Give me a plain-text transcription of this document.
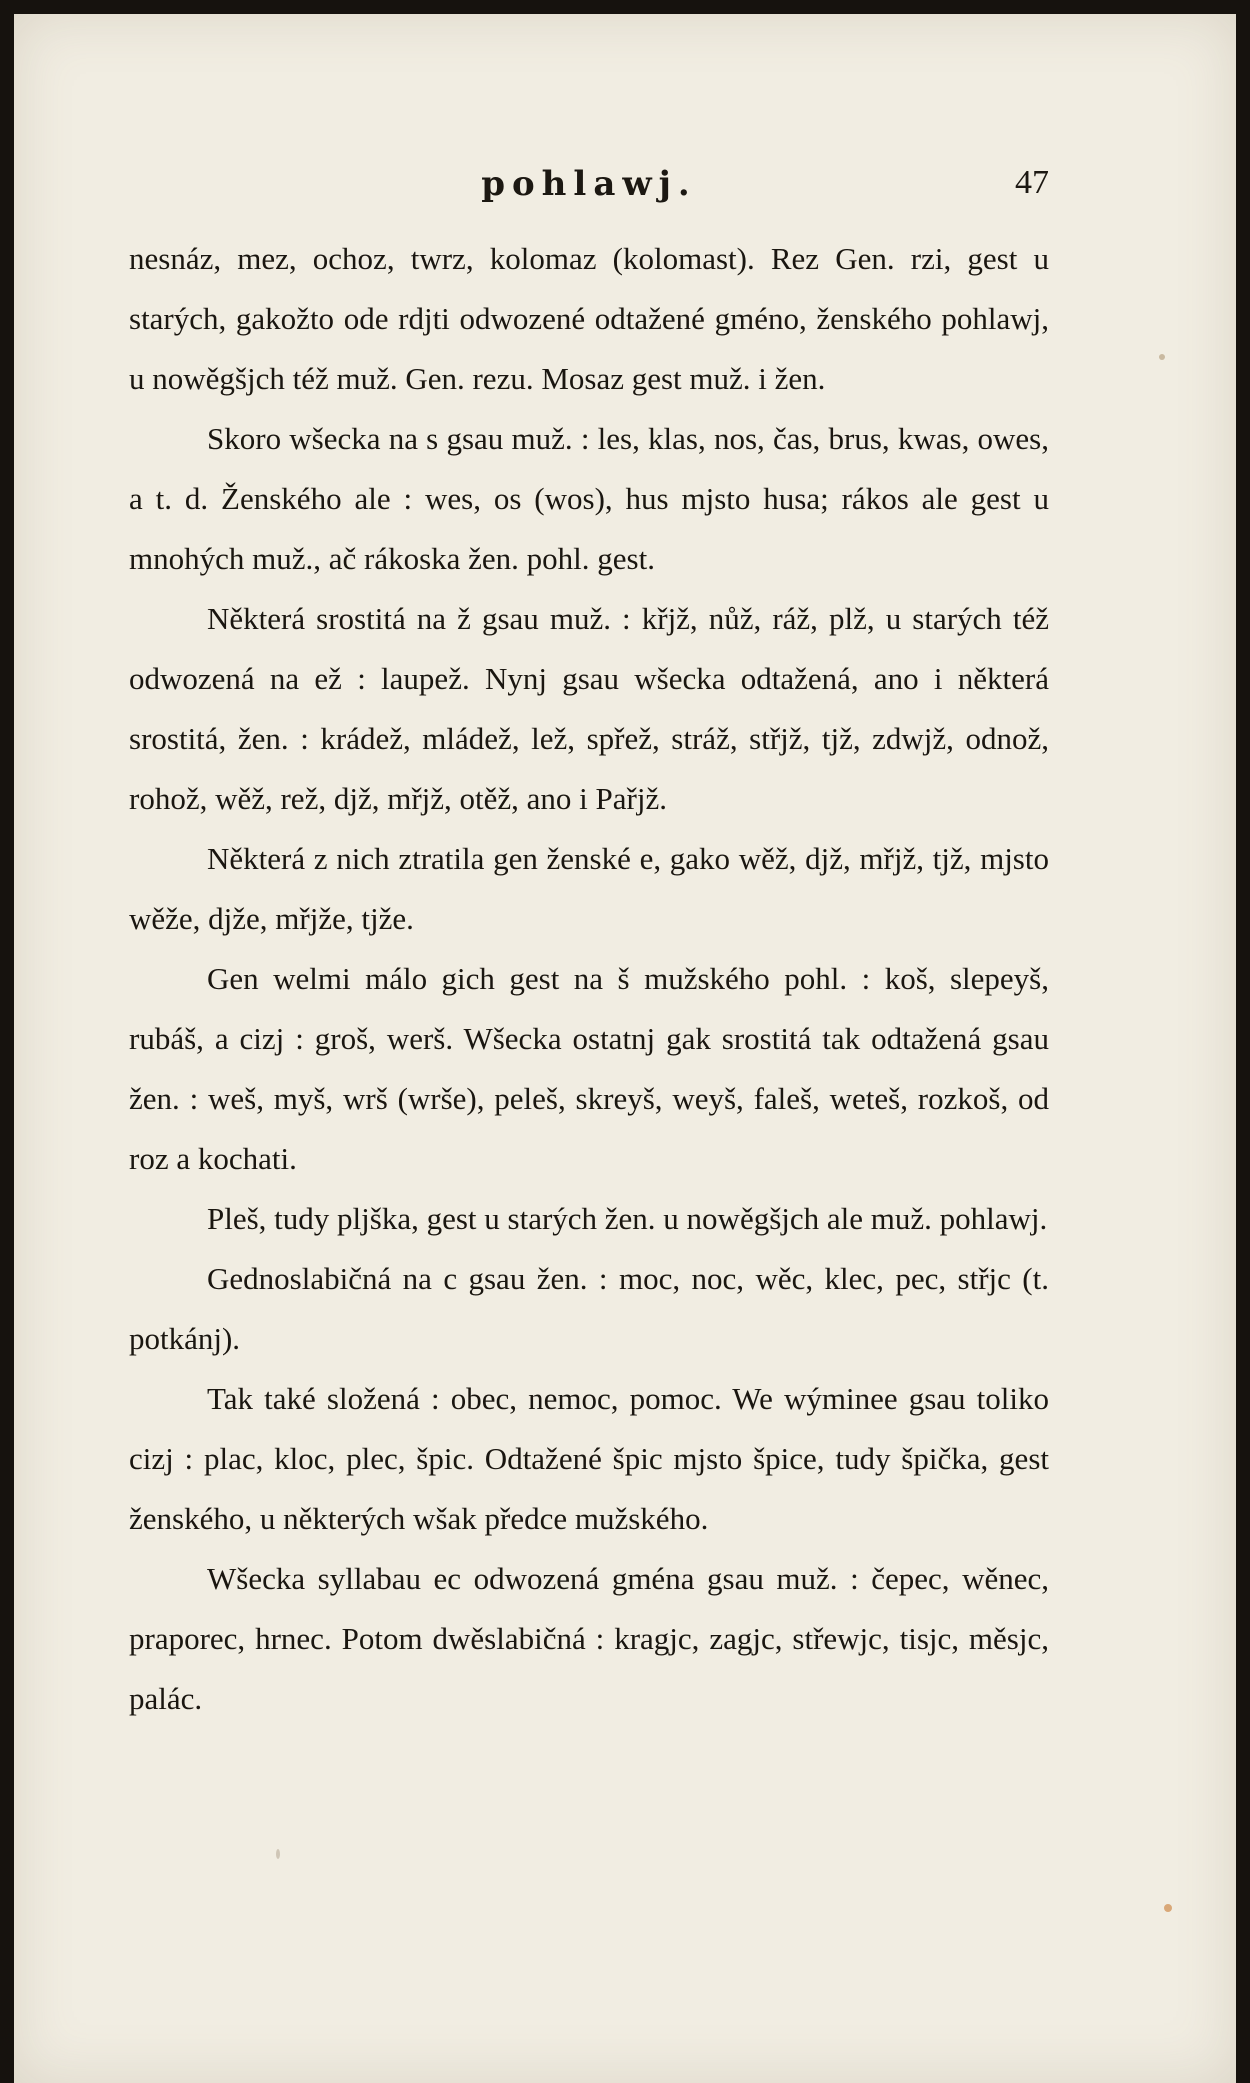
pohlawj.	47

nesnáz, mez, ochoz, twrz, kolomaz (kolomast). Rez Gen. rzi, gest u starých, gakožto ode rdjti odwozené odtažené gméno, ženského pohlawj, u nowěgšjch též muž. Gen. rezu. Mosaz gest muž. i žen.

Skoro wšecka na s gsau muž. : les, klas, nos, čas, brus, kwas, owes, a t. d. Ženského ale : wes, os (wos), hus mjsto husa; rákos ale gest u mnohých muž., ač rákoska žen. pohl. gest.

Některá srostitá na ž gsau muž. : křjž, nůž, ráž, plž, u starých též odwozená na ež : laupež. Nynj gsau wšecka odtažená, ano i některá srostitá, žen. : krádež, mládež, lež, spřež, stráž, střjž, tjž, zdwjž, odnož, rohož, wěž, rež, djž, mřjž, otěž, ano i Pařjž.

Některá z nich ztratila gen ženské e, gako wěž, djž, mřjž, tjž, mjsto wěže, djže, mřjže, tjže.

Gen welmi málo gich gest na š mužského pohl. : koš, slepeyš, rubáš, a cizj : groš, werš. Wšecka ostatnj gak srostitá tak odtažená gsau žen. : weš, myš, wrš (wrše), peleš, skreyš, weyš, faleš, weteš, rozkoš, od roz a kochati.

Pleš, tudy pljška, gest u starých žen. u nowěgšjch ale muž. pohlawj.

Gednoslabičná na c gsau žen. : moc, noc, wěc, klec, pec, střjc (t. potkánj).

Tak také složená : obec, nemoc, pomoc. We wýminee gsau toliko cizj : plac, kloc, plec, špic. Odtažené špic mjsto špice, tudy špička, gest ženského, u některých wšak předce mužského.

Wšecka syllabau ec odwozená gména gsau muž. : čepec, wěnec, praporec, hrnec. Potom dwěslabičná : kragjc, zagjc, střewjc, tisjc, měsjc, palác.
